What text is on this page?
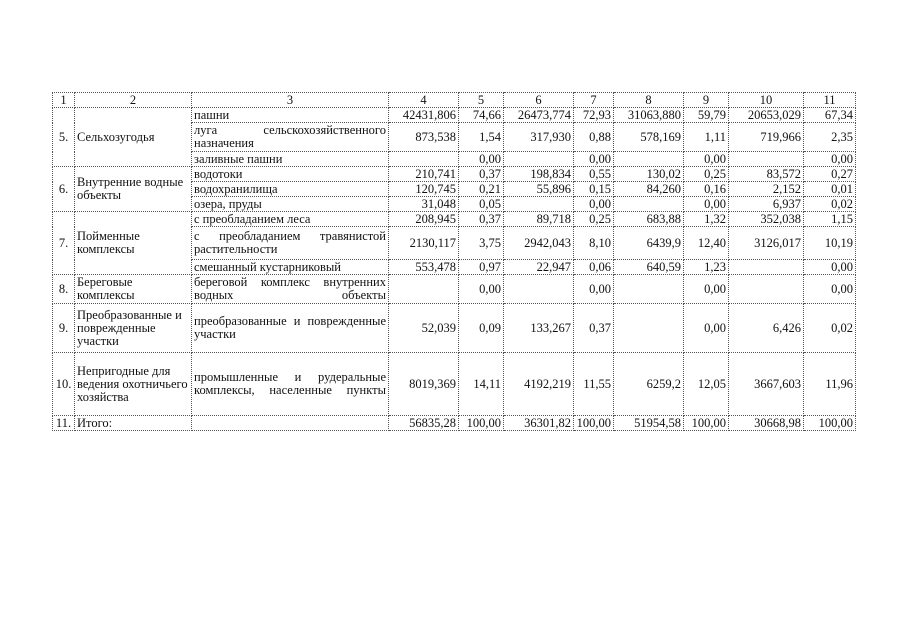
1	2	3	4	5	6	7	8	9	10	11
5.	Сельхозугодья	пашни	42431,806	74,66	26473,774	72,93	31063,880	59,79	20653,029	67,34
		луга сельскохозяйственного назначения	873,538	1,54	317,930	0,88	578,169	1,11	719,966	2,35
		заливные пашни		0,00		0,00		0,00		0,00
6.	Внутренние водные объекты	водотоки	210,741	0,37	198,834	0,55	130,02	0,25	83,572	0,27
		водохранилища	120,745	0,21	55,896	0,15	84,260	0,16	2,152	0,01
		озера, пруды	31,048	0,05		0,00		0,00	6,937	0,02
7.	Пойменные комплексы	с преобладанием леса	208,945	0,37	89,718	0,25	683,88	1,32	352,038	1,15
		с преобладанием травянистой растительности	2130,117	3,75	2942,043	8,10	6439,9	12,40	3126,017	10,19
		смешанный кустарниковый	553,478	0,97	22,947	0,06	640,59	1,23		0,00
8.	Береговые комплексы	береговой комплекс внутренних водных объекты		0,00		0,00		0,00		0,00
9.	Преобразованные и поврежденные участки	преобразованные и поврежденные участки	52,039	0,09	133,267	0,37		0,00	6,426	0,02
10.	Непригодные для ведения охотничьего хозяйства	промышленные и рудеральные комплексы, населенные пункты	8019,369	14,11	4192,219	11,55	6259,2	12,05	3667,603	11,96
11.	Итого:		56835,28	100,00	36301,82	100,00	51954,58	100,00	30668,98	100,00
